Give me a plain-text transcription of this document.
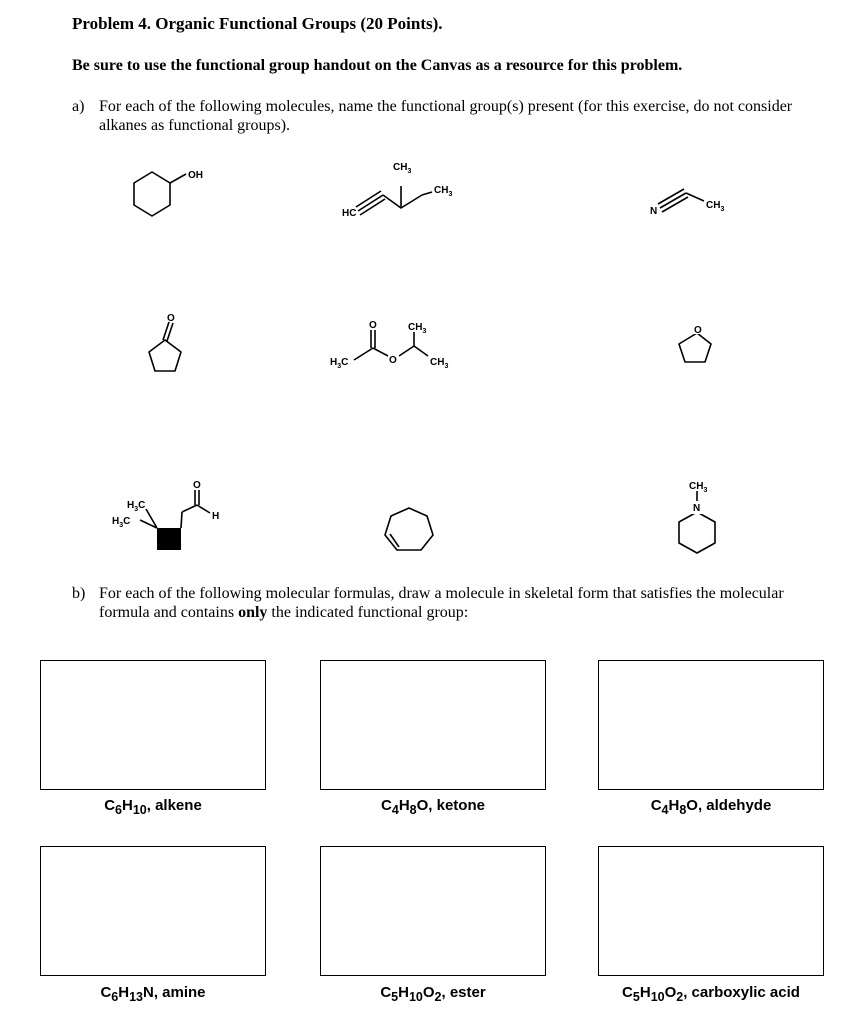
Problem 4. Organic Functional Groups (20 Points).
Be sure to use the functional group handout on the Canvas as a resource for this problem.
a) For each of the following molecules, name the functional group(s) present (for this exercise, do not consider alkanes as functional groups).
OH
HC
$CH_3$
$CH_3$
N
$CH_3$
O
$H_3C$
O
O
$CH_3$
$CH_3$
O
O
H
$H_3C$
$H_3C$
N
$CH_3$
b) For each of the following molecular formulas, draw a molecule in skeletal form that satisfies the molecular formula and contains only the indicated functional group:
$C_6H_{10}$, alkene	$C_4H_8O$, ketone	$C_4H_8O$, aldehyde
$C_6H_{13}N$, amine	$C_5H_{10}O_2$, ester	$C_5H_{10}O_2$, carboxylic acid
